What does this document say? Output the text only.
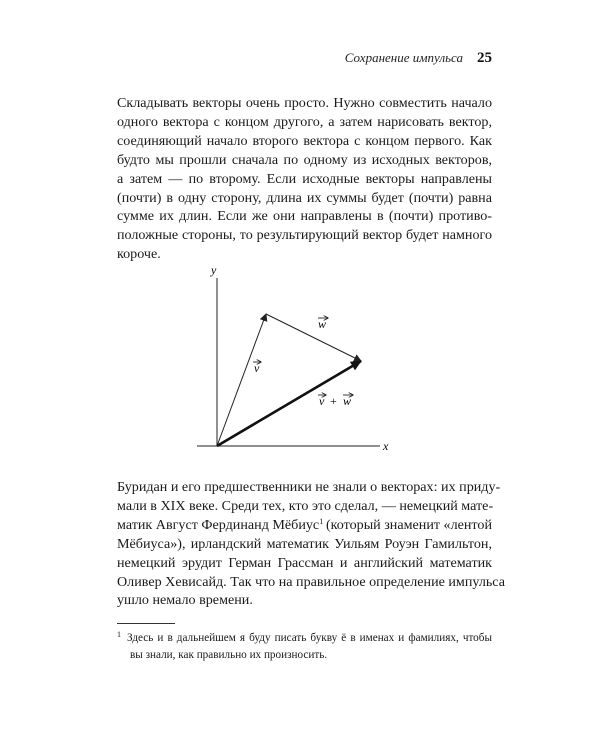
Сохранение импульса 25

Складывать векторы очень просто. Нужно совместить начало
одного вектора с концом другого, а затем нарисовать вектор,
соединяющий начало второго вектора с концом первого. Как
будто мы прошли сначала по одному из исходных векторов,
а затем — по второму. Если исходные векторы направлены
(почти) в одну сторону, длина их суммы будет (почти) равна
сумме их длин. Если же они направлены в (почти) противо-
положные стороны, то результирующий вектор будет намного
короче.

y
x
v
w
v + w

Буридан и его предшественники не знали о векторах: их приду-
мали в XIX веке. Среди тех, кто это сделал, — немецкий мате-
матик Август Фердинанд Мёбиус$^1$ (который знаменит «лентой
Мёбиуса»), ирландский математик Уильям Роуэн Гамильтон,
немецкий эрудит Герман Грассман и английский математик
Оливер Хевисайд. Так что на правильное определение импульса
ушло немало времени.

$^1$ Здесь и в дальнейшем я буду писать букву ё в именах и фамилиях, чтобы
вы знали, как правильно их произносить.
